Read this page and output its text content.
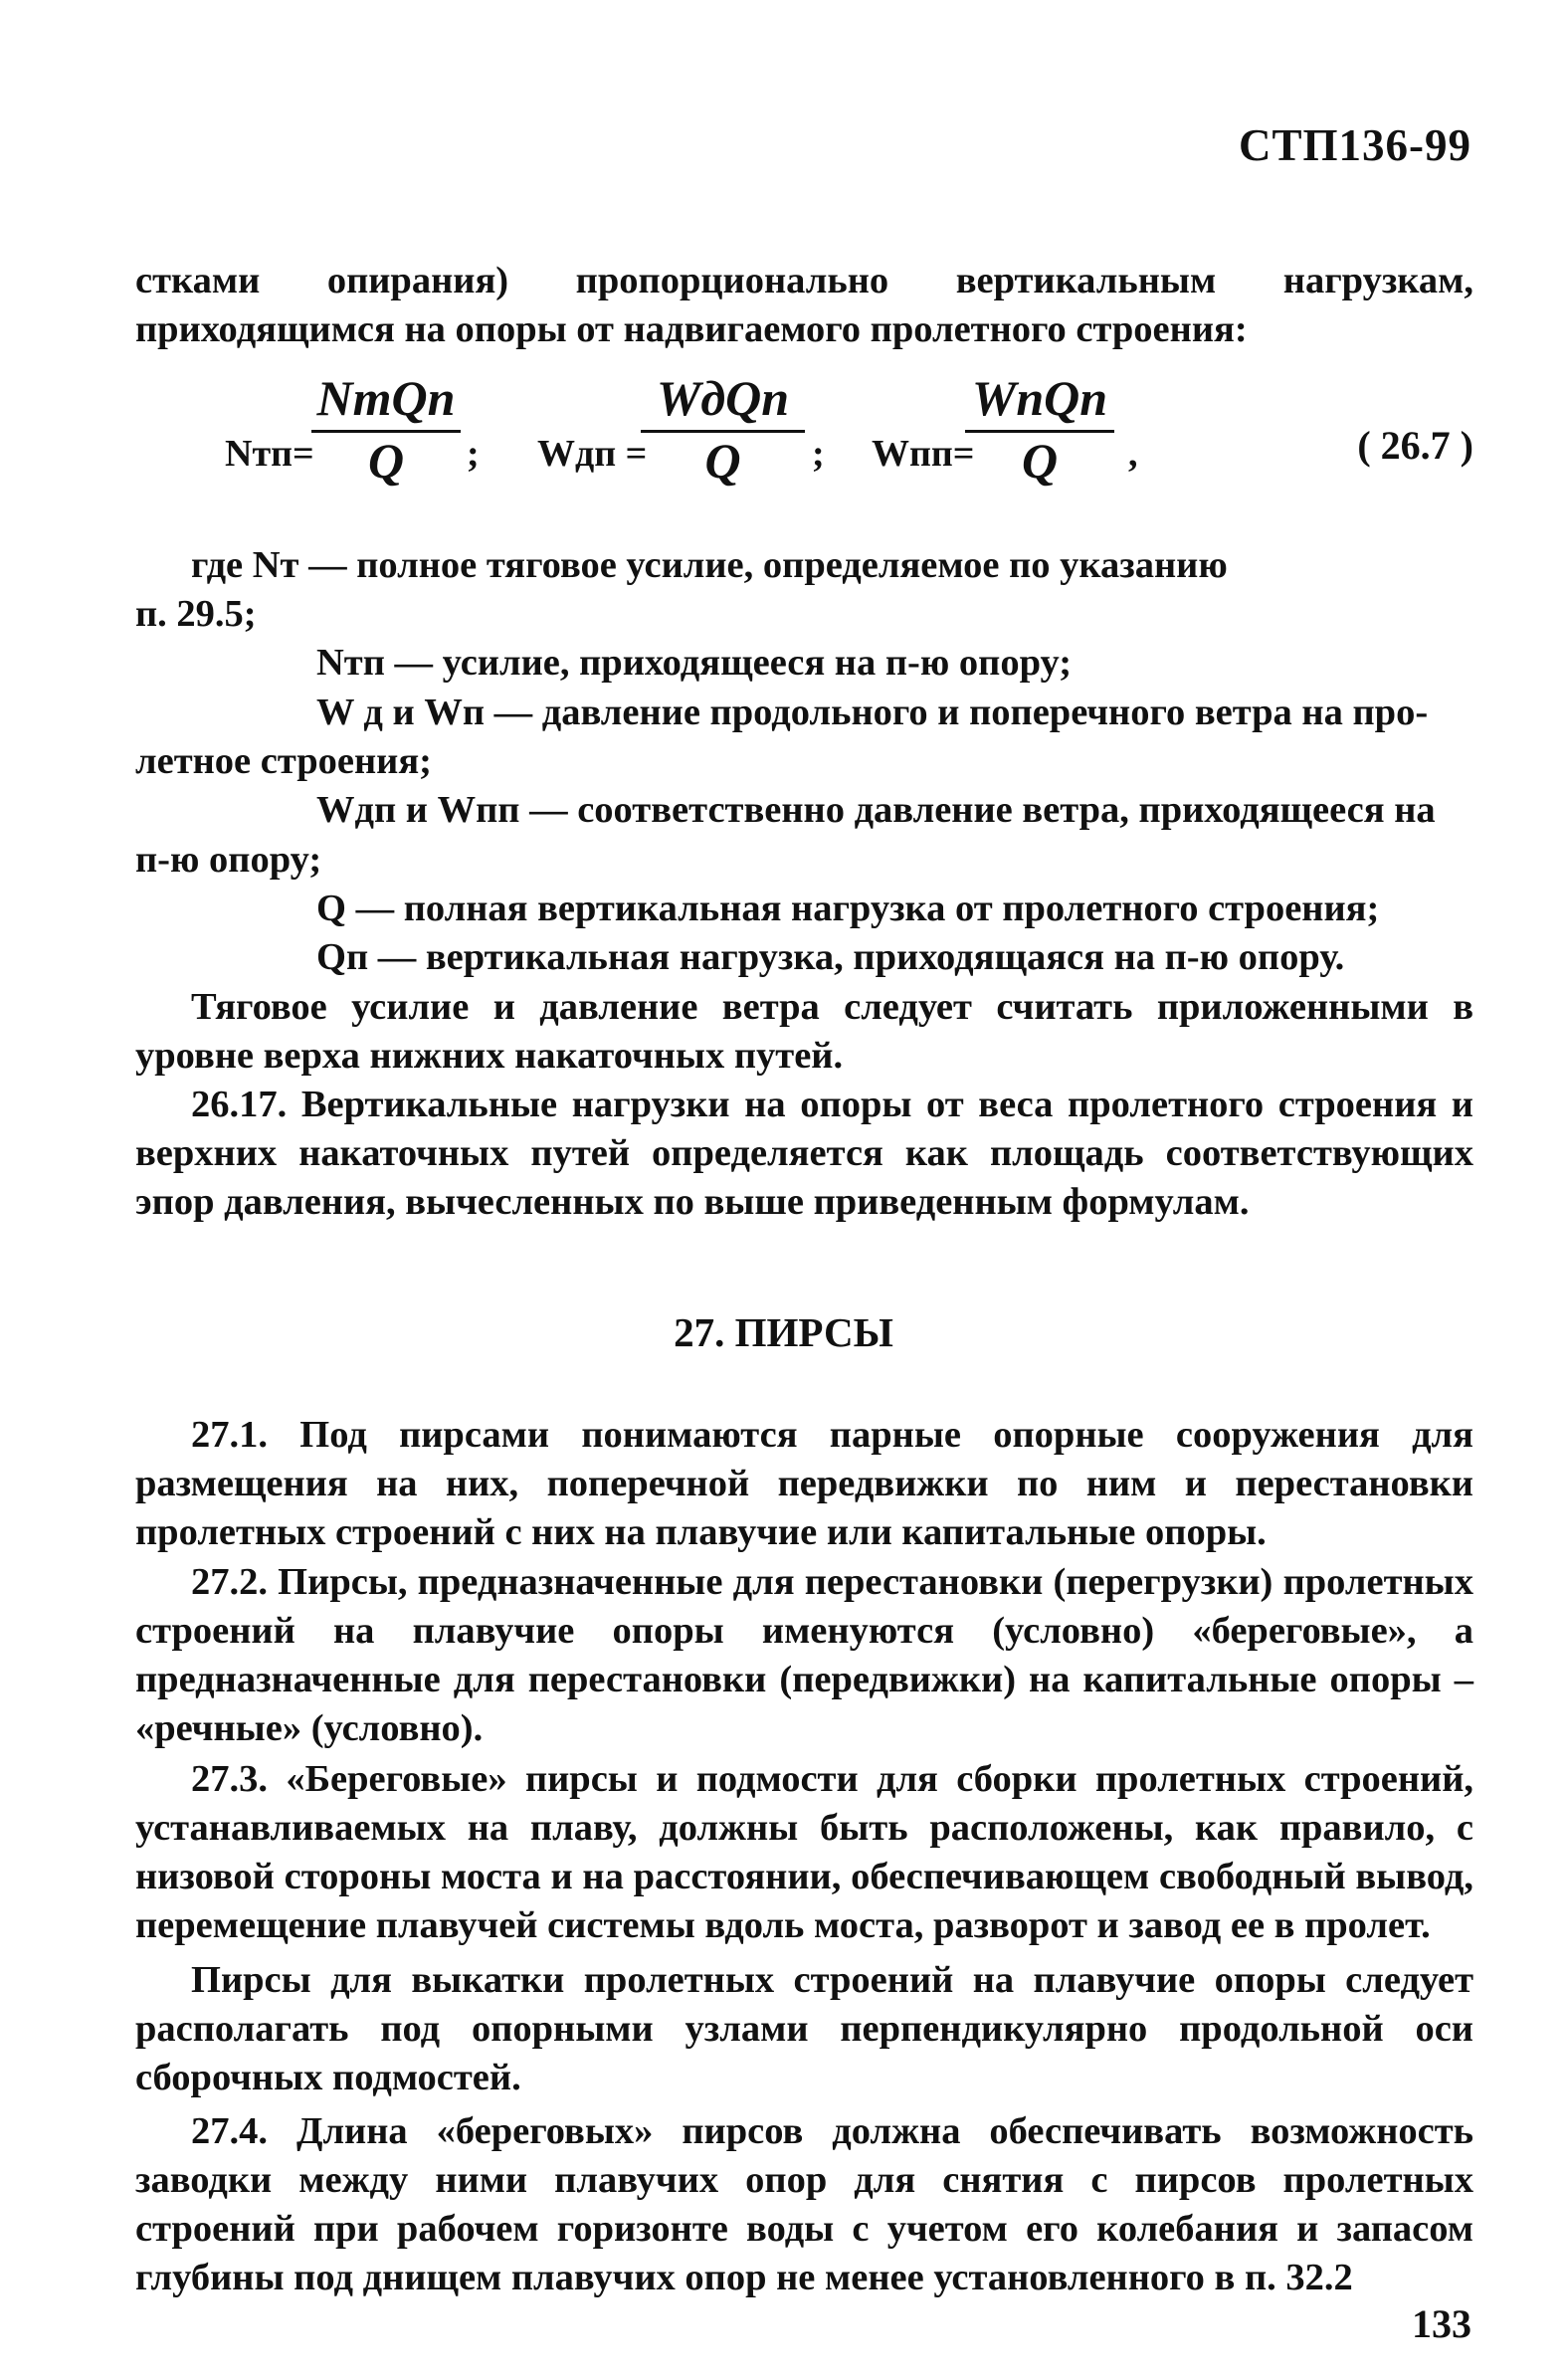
СТП136-99

стками опирания) пропорционально вертикальным нагрузкам, приходящимся на опоры от надвигаемого пролетного строения:

Nтп=
NтQп
Q	; Wдп =
WдQп
Q	; Wпп=
WпQп
Q	,	( 26.7 )

где Nт — полное тяговое усилие, определяемое по указанию

п. 29.5;

Nтп — усилие, приходящееся на п-ю опору;

W д и Wп — давление продольного и поперечного ветра на про-

летное строения;

Wдп и Wпп — соответственно давление ветра, приходящееся на

п-ю опору;

Q — полная вертикальная нагрузка от пролетного строения;

Qп — вертикальная нагрузка, приходящаяся на п-ю опору.

Тяговое усилие и давление ветра следует считать приложенными в уровне верха нижних накаточных путей.

26.17. Вертикальные нагрузки на опоры от веса пролетного строения и верхних накаточных путей определяется как площадь соответствующих эпор давления, вычесленных по выше приведенным формулам.

27. ПИРСЫ

27.1. Под пирсами понимаются парные опорные сооружения для размещения на них, поперечной передвижки по ним и перестановки пролетных строений с них на плавучие или капитальные опоры.

27.2. Пирсы, предназначенные для перестановки (перегрузки) пролетных строений на плавучие опоры именуются (условно) «береговые», а предназначенные для перестановки (передвижки) на капитальные опоры – «речные» (условно).

27.3. «Береговые» пирсы и подмости для сборки пролетных строений, устанавливаемых на плаву, должны быть расположены, как правило, с низовой стороны моста и на расстоянии, обеспечивающем свободный вывод, перемещение плавучей системы вдоль моста, разворот и завод ее в пролет.

Пирсы для выкатки пролетных строений на плавучие опоры следует располагать под опорными узлами перпендикулярно продольной оси сборочных подмостей.

27.4. Длина «береговых» пирсов должна обеспечивать возможность заводки между ними плавучих опор для снятия с пирсов пролетных строений при рабочем горизонте воды с учетом его колебания и запасом глубины под днищем плавучих опор не менее установленного в п. 32.2

133
